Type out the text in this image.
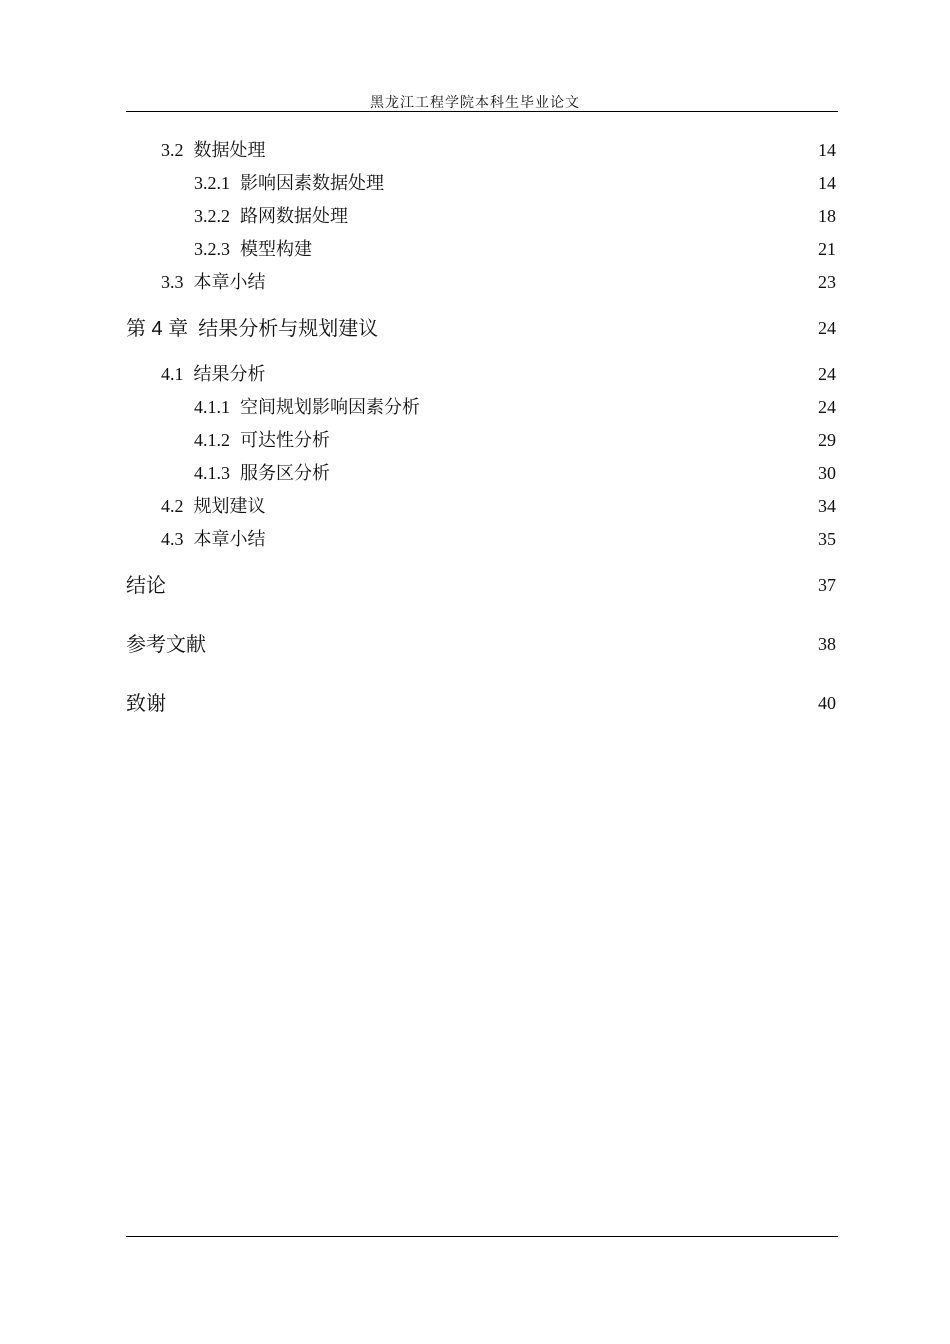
黑龙江工程学院本科生毕业论文
3.2 数据处理	14
3.2.1 影响因素数据处理	14
3.2.2 路网数据处理	18
3.2.3 模型构建	21
3.3 本章小结	23
第 4 章 结果分析与规划建议	24
4.1 结果分析	24
4.1.1 空间规划影响因素分析	24
4.1.2 可达性分析	29
4.1.3 服务区分析	30
4.2 规划建议	34
4.3 本章小结	35
结论	37
参考文献	38
致谢	40
